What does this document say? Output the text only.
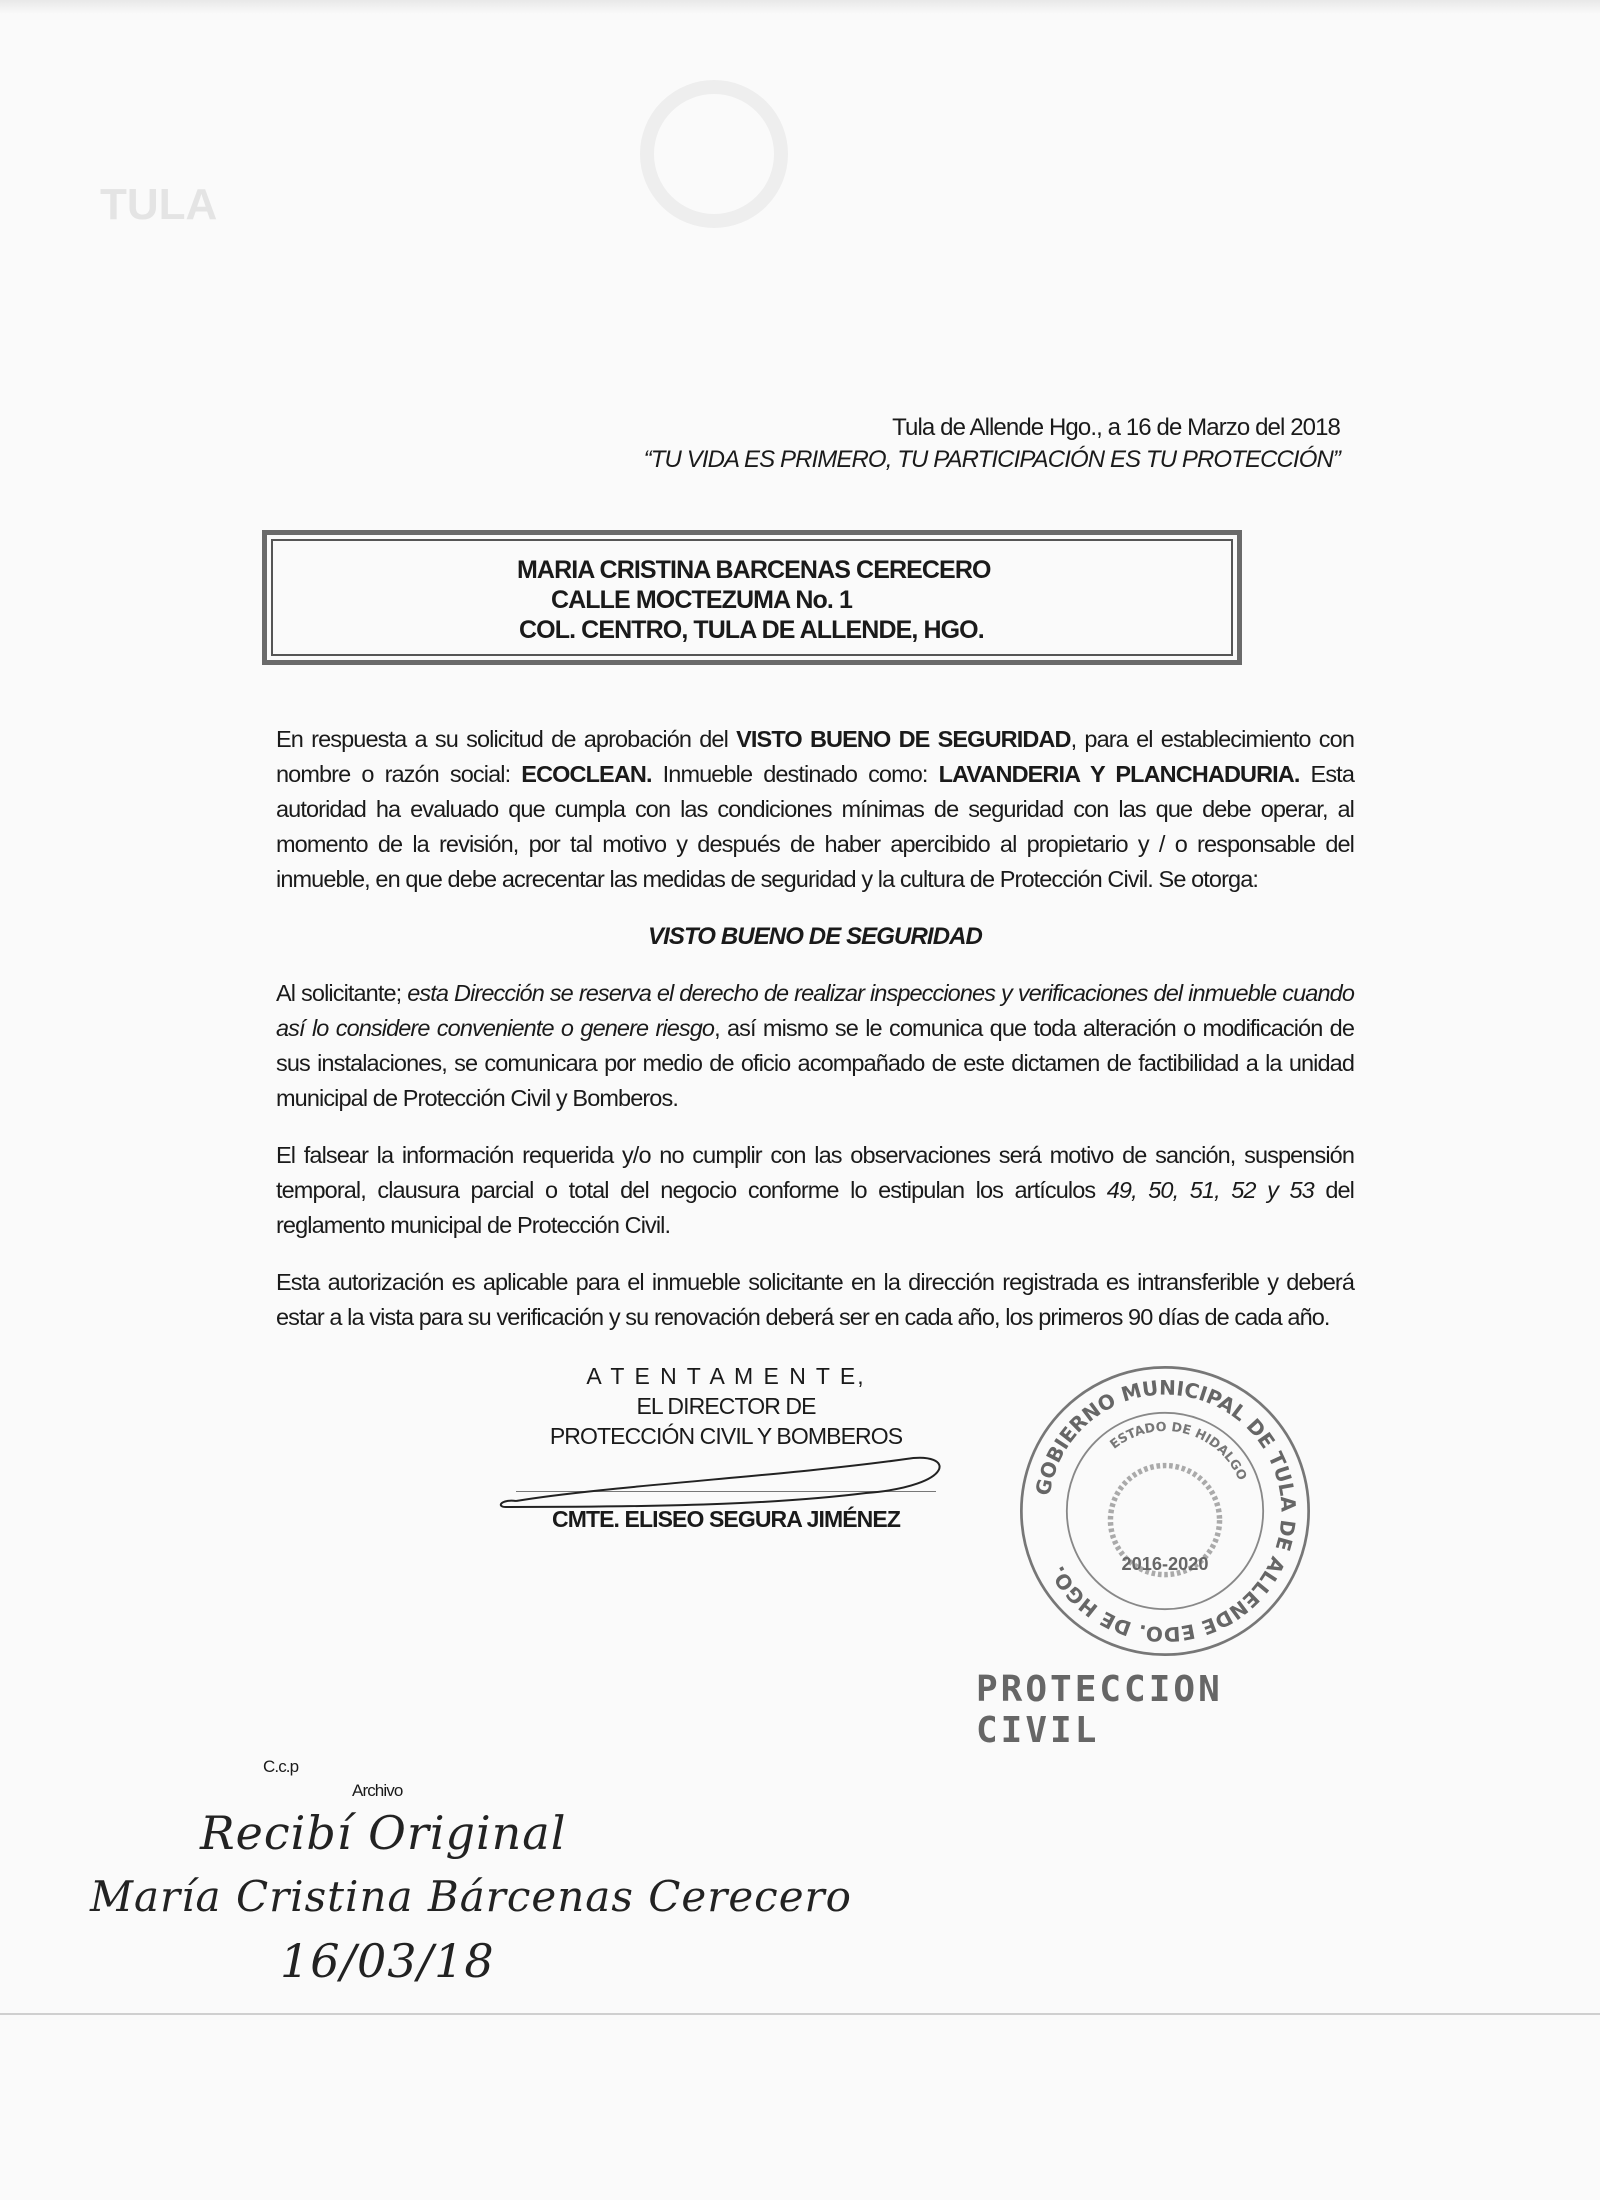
TULA
Tula de Allende Hgo., a 16 de Marzo del 2018
“TU VIDA ES PRIMERO, TU PARTICIPACIÓN ES TU PROTECCIÓN”
MARIA CRISTINA BARCENAS CERECERO
CALLE MOCTEZUMA No. 1
COL. CENTRO, TULA DE ALLENDE, HGO.
En respuesta a su solicitud de aprobación del VISTO BUENO DE SEGURIDAD, para el establecimiento con nombre o razón social: ECOCLEAN. Inmueble destinado como: LAVANDERIA Y PLANCHADURIA. Esta autoridad ha evaluado que cumpla con las condiciones mínimas de seguridad con las que debe operar, al momento de la revisión, por tal motivo y después de haber apercibido al propietario y / o responsable del inmueble, en que debe acrecentar las medidas de seguridad y la cultura de Protección Civil. Se otorga:
VISTO BUENO DE SEGURIDAD
Al solicitante; esta Dirección se reserva el derecho de realizar inspecciones y verificaciones del inmueble cuando así lo considere conveniente o genere riesgo, así mismo se le comunica que toda alteración o modificación de sus instalaciones, se comunicara por medio de oficio acompañado de este dictamen de factibilidad a la unidad municipal de Protección Civil y Bomberos.
El falsear la información requerida y/o no cumplir con las observaciones será motivo de sanción, suspensión temporal, clausura parcial o total del negocio conforme lo estipulan los artículos 49, 50, 51, 52 y 53 del reglamento municipal de Protección Civil.
Esta autorización es aplicable para el inmueble solicitante en la dirección registrada es intransferible y deberá estar a la vista para su verificación y su renovación deberá ser en cada año, los primeros 90 días de cada año.
A T E N T A M E N T E,
EL DIRECTOR DE
PROTECCIÓN CIVIL Y BOMBEROS
CMTE. ELISEO SEGURA JIMÉNEZ
GOBIERNO MUNICIPAL DE TULA DE ALLENDE EDO. DE HGO.
ESTADO DE HIDALGO
2016-2020
PROTECCION CIVIL
C.c.p
Archivo
Recibí Original
María Cristina Bárcenas Cerecero
16/03/18
